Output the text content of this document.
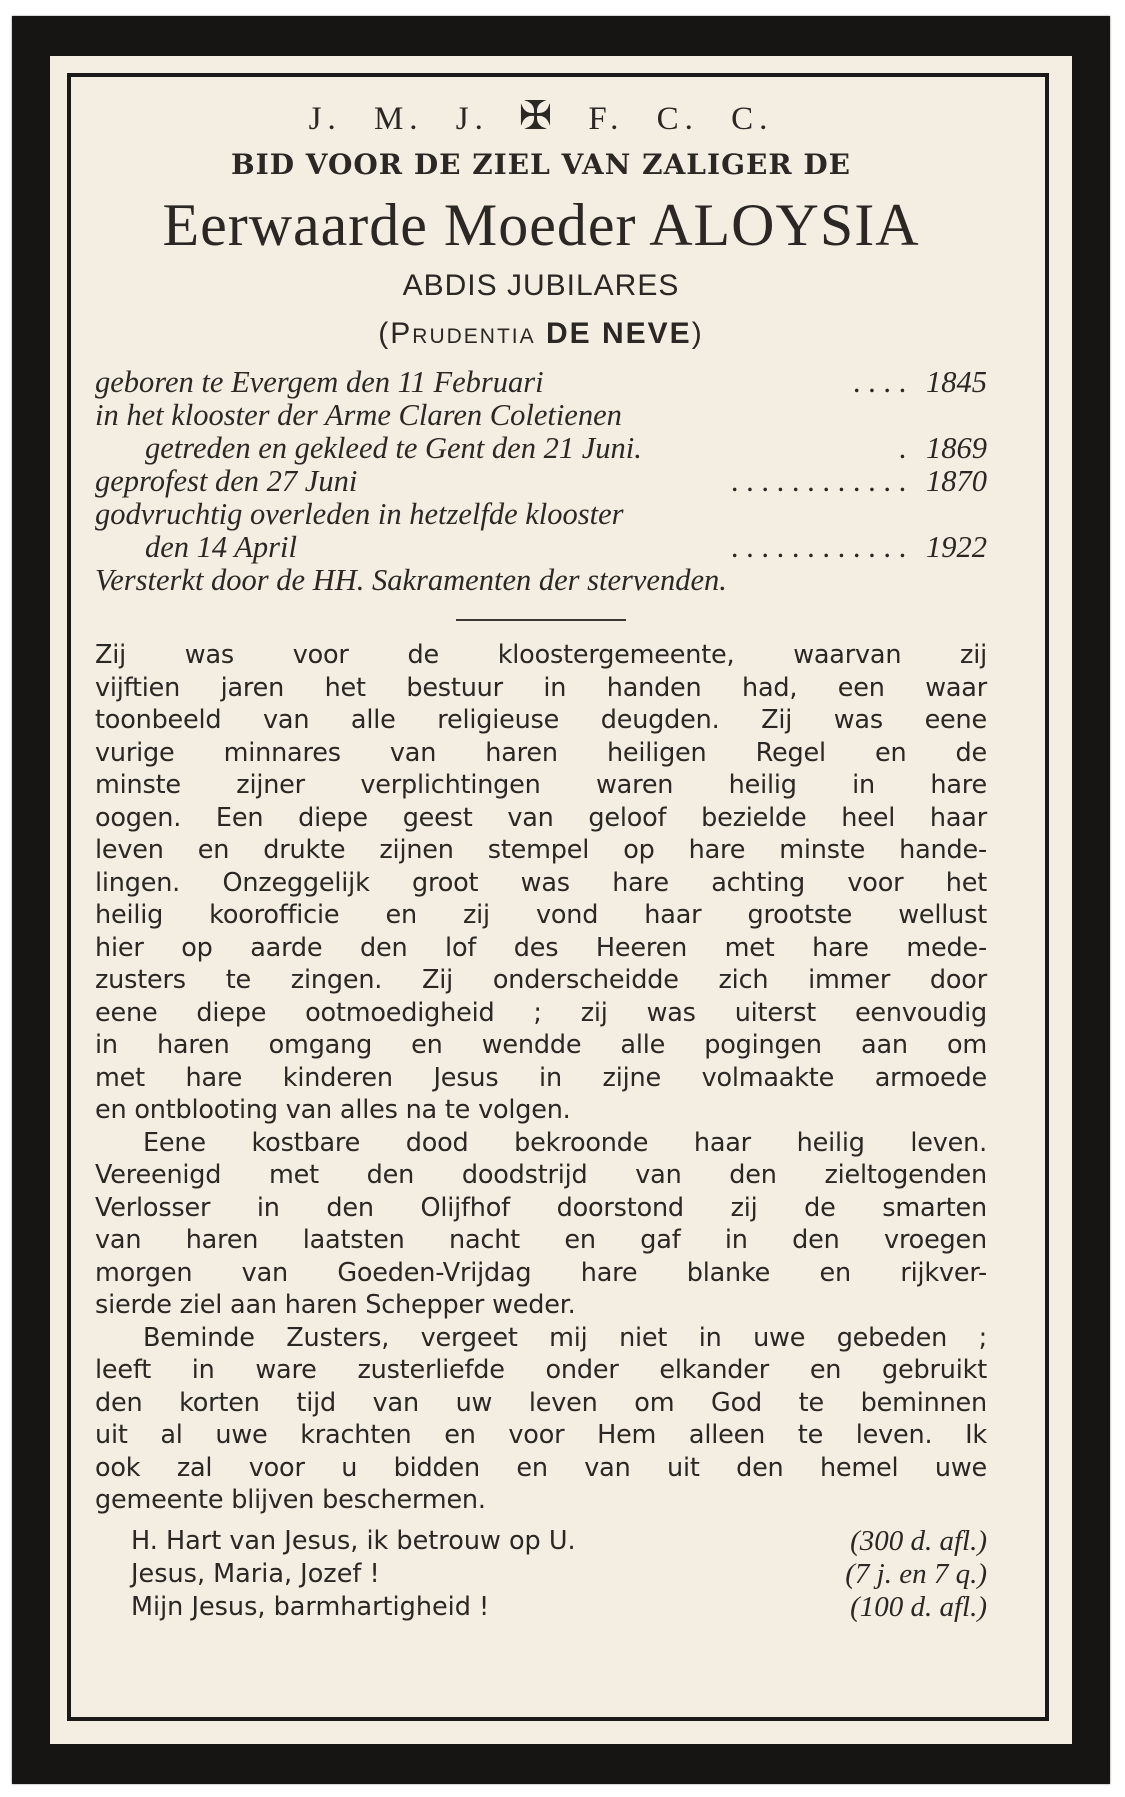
J. M. J. ✠ F. C. C.
BID VOOR DE ZIEL VAN ZALIGER DE
Eerwaarde Moeder ALOYSIA
ABDIS JUBILARES
(Prudentia DE NEVE)
geboren te Evergem den 11 Februari	. . . . 1845
in het klooster der Arme Claren Coletienen
getreden en gekleed te Gent den 21 Juni.	. 1869
geprofest den 27 Juni	. . . . . . . . . . . . 1870
godvruchtig overleden in hetzelfde klooster
den 14 April	. . . . . . . . . . . . 1922
Versterkt door de HH. Sakramenten der stervenden.
Zij was voor de kloostergemeente, waarvan zij
vijftien jaren het bestuur in handen had, een waar
toonbeeld van alle religieuse deugden. Zij was eene
vurige minnares van haren heiligen Regel en de
minste zijner verplichtingen waren heilig in hare
oogen. Een diepe geest van geloof bezielde heel haar
leven en drukte zijnen stempel op hare minste hande-
lingen. Onzeggelijk groot was hare achting voor het
heilig koorofficie en zij vond haar grootste wellust
hier op aarde den lof des Heeren met hare mede-
zusters te zingen. Zij onderscheidde zich immer door
eene diepe ootmoedigheid ; zij was uiterst eenvoudig
in haren omgang en wendde alle pogingen aan om
met hare kinderen Jesus in zijne volmaakte armoede
en ontblooting van alles na te volgen.
Eene kostbare dood bekroonde haar heilig leven.
Vereenigd met den doodstrijd van den zieltogenden
Verlosser in den Olijfhof doorstond zij de smarten
van haren laatsten nacht en gaf in den vroegen
morgen van Goeden-Vrijdag hare blanke en rijkver-
sierde ziel aan haren Schepper weder.
Beminde Zusters, vergeet mij niet in uwe gebeden ;
leeft in ware zusterliefde onder elkander en gebruikt
den korten tijd van uw leven om God te beminnen
uit al uwe krachten en voor Hem alleen te leven. Ik
ook zal voor u bidden en van uit den hemel uwe
gemeente blijven beschermen.
H. Hart van Jesus, ik betrouw op U.	(300 d. afl.)
Jesus, Maria, Jozef !	(7 j. en 7 q.)
Mijn Jesus, barmhartigheid !	(100 d. afl.)
